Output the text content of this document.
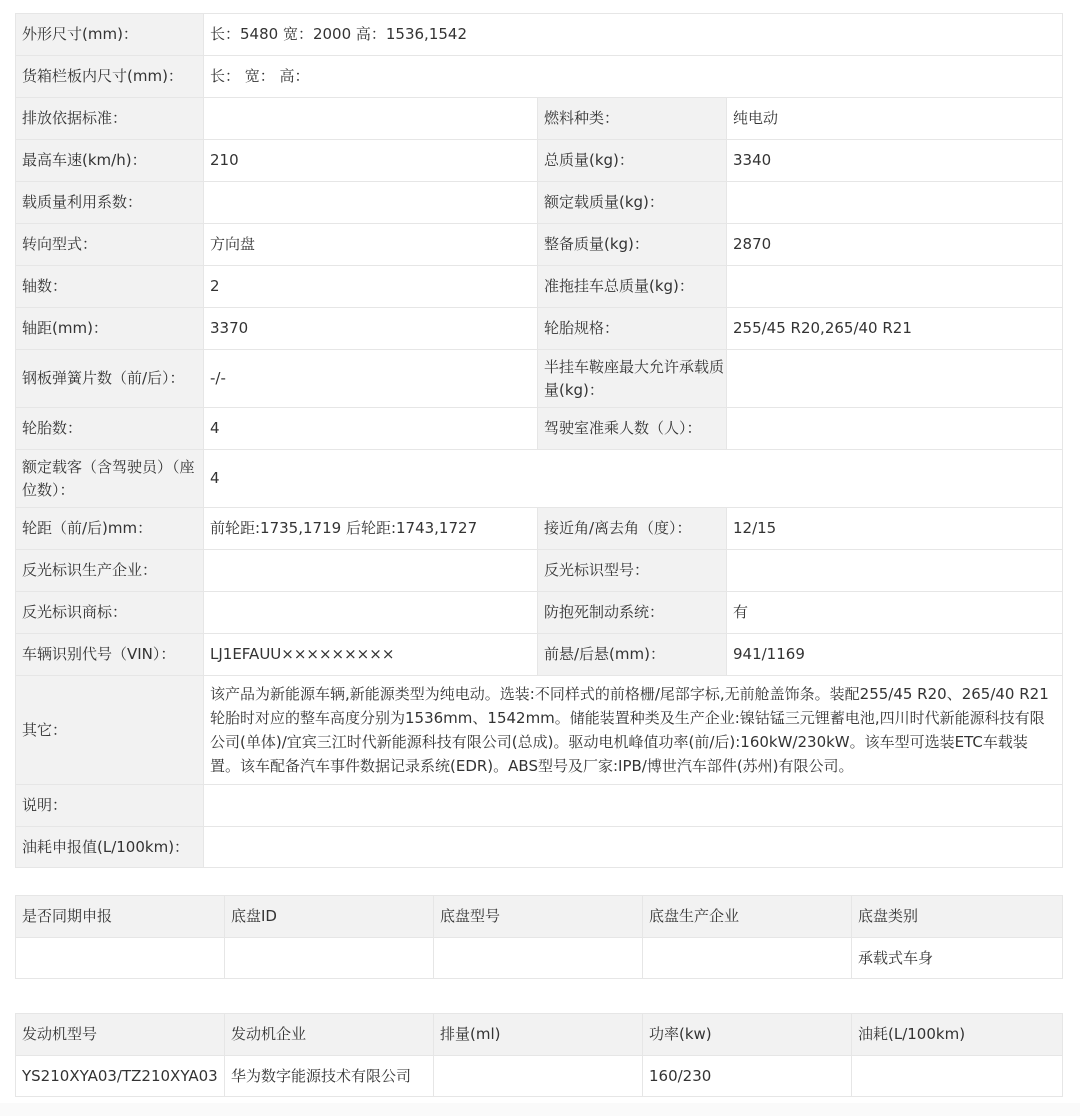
外形尺寸(mm)：	长：5480 宽：2000 高：1536,1542		
货箱栏板内尺寸(mm)：	长： 宽： 高：		
排放依据标准：		燃料种类：	纯电动
最高车速(km/h)：	210	总质量(kg)：	3340
载质量利用系数：		额定载质量(kg)：	
转向型式：	方向盘	整备质量(kg)：	2870
轴数：	2	准拖挂车总质量(kg)：	
轴距(mm)：	3370	轮胎规格：	255/45 R20,265/40 R21
钢板弹簧片数（前/后）：	-/-	半挂车鞍座最大允许承载质量(kg)：	
轮胎数：	4	驾驶室准乘人数（人）：	
额定载客（含驾驶员）（座位数）：	4		
轮距（前/后)mm：	前轮距:1735,1719 后轮距:1743,1727	接近角/离去角（度）：	12/15
反光标识生产企业：		反光标识型号：	
反光标识商标：		防抱死制动系统：	有
车辆识别代号（VIN）：	LJ1EFAUU×××××××××	前悬/后悬(mm)：	941/1169
其它：	该产品为新能源车辆,新能源类型为纯电动。选装:不同样式的前格栅/尾部字标,无前舱盖饰条。装配255/45 R20、265/40 R21轮胎时对应的整车高度分别为1536mm、1542mm。储能装置种类及生产企业:镍钴锰三元锂蓄电池,四川时代新能源科技有限公司(单体)/宜宾三江时代新能源科技有限公司(总成)。驱动电机峰值功率(前/后):160kW/230kW。该车型可选装ETC车载装置。该车配备汽车事件数据记录系统(EDR)。ABS型号及厂家:IPB/博世汽车部件(苏州)有限公司。		
说明：			
油耗申报值(L/100km)：			
是否同期申报	底盘ID	底盘型号	底盘生产企业	底盘类别
				承载式车身
发动机型号	发动机企业	排量(ml)	功率(kw)	油耗(L/100km)
YS210XYA03/TZ210XYA03	华为数字能源技术有限公司		160/230	
